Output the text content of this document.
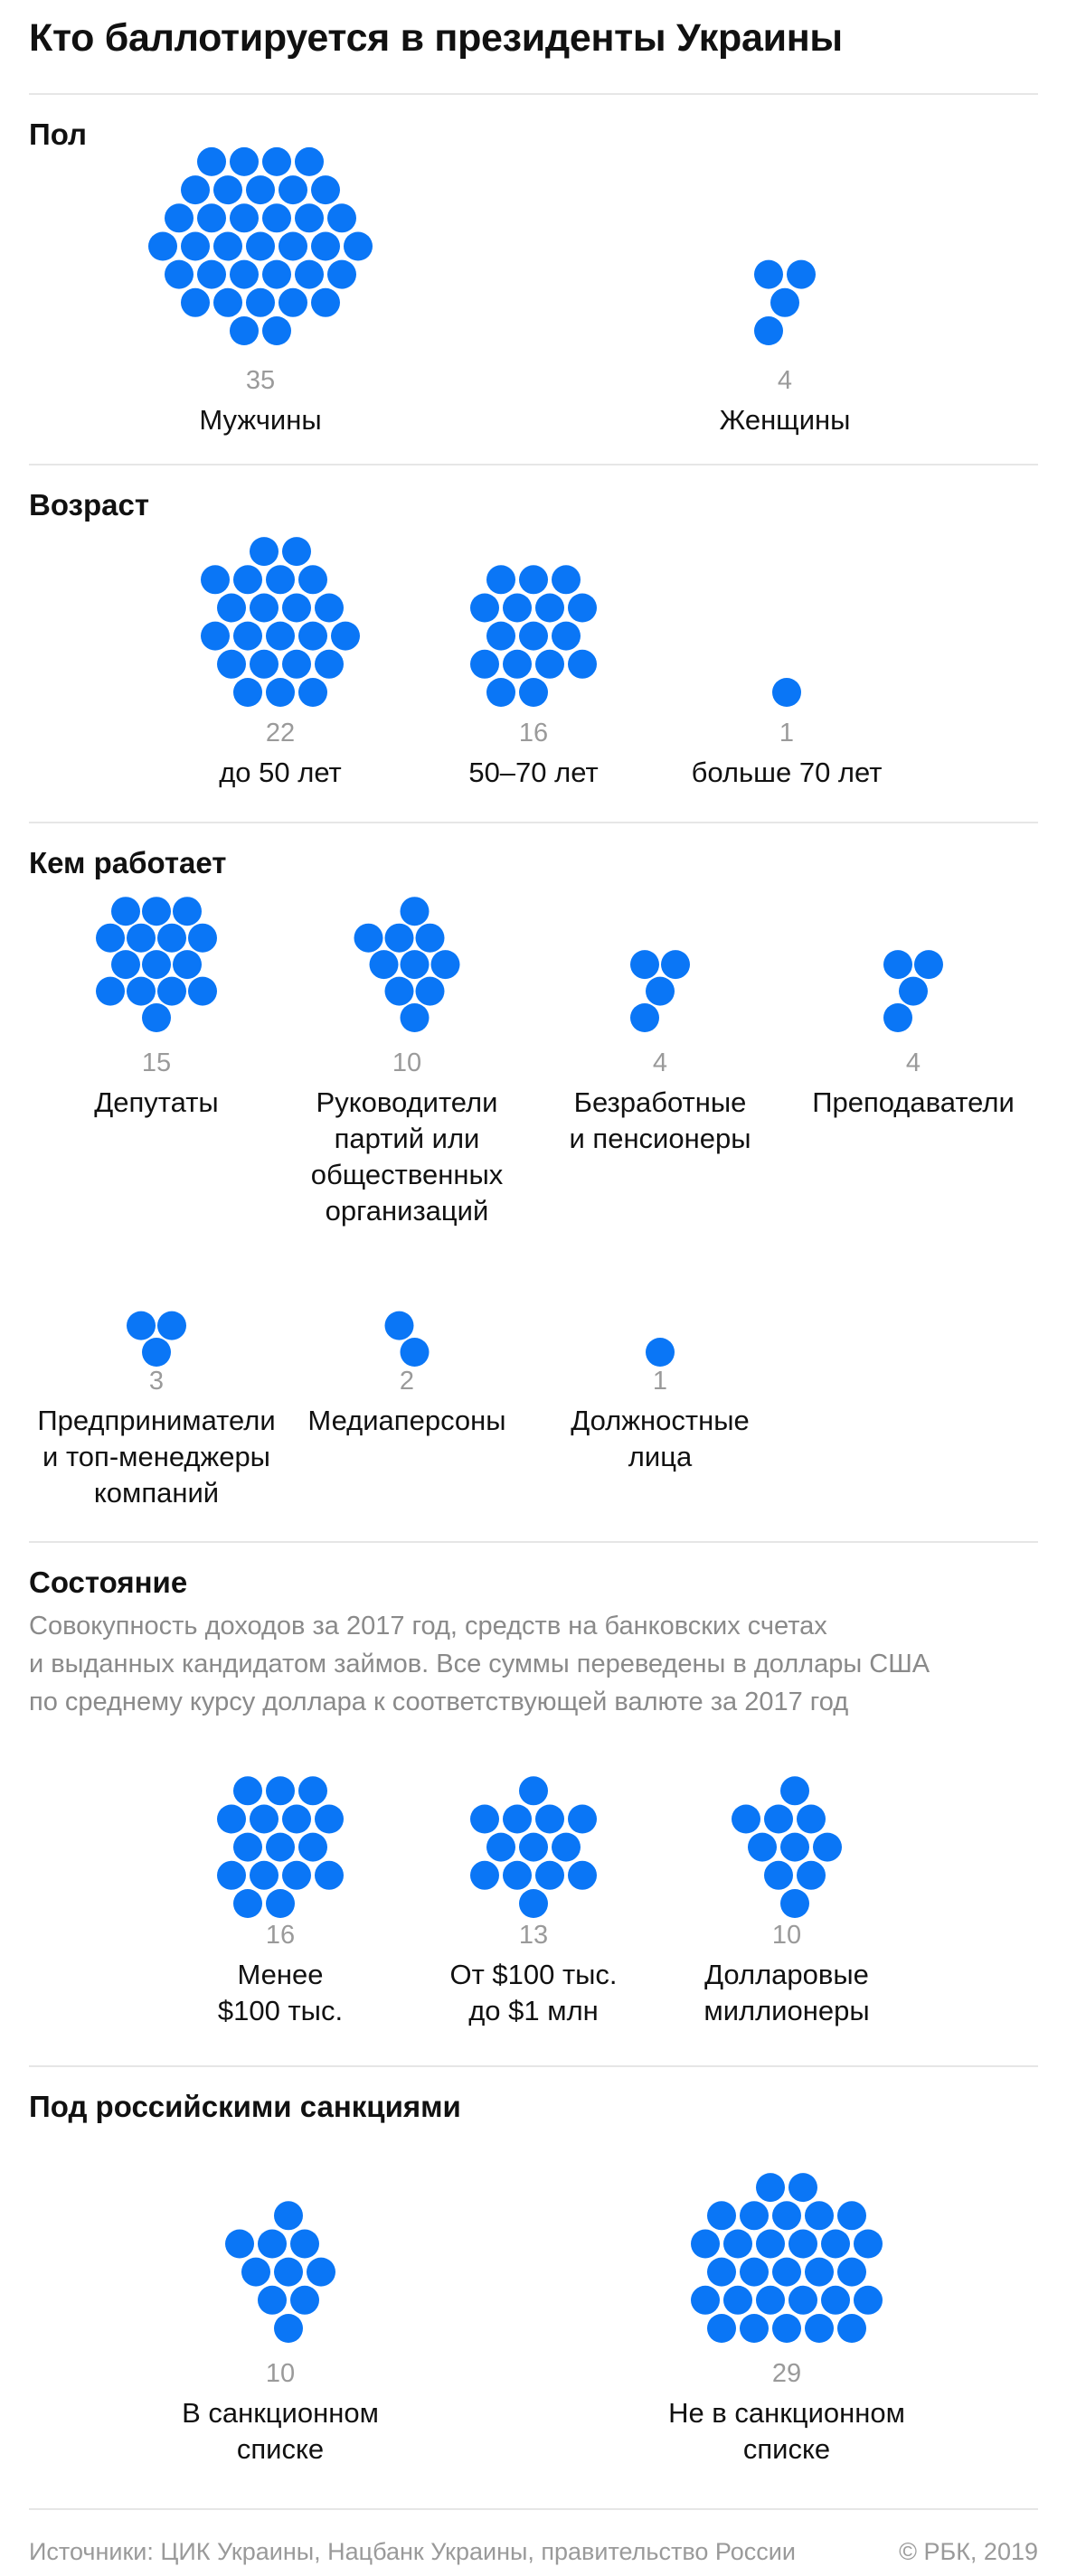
Кто баллотируется в президенты Украины
Пол
35
Мужчины
4
Женщины
Возраст
22
до 50 лет
16
50–70 лет
1
больше 70 лет
Кем работает
15
Депутаты
10
Руководители
партий или
общественных
организаций
4
Безработные
и пенсионеры
4
Преподаватели
3
Предприниматели
и топ-менеджеры
компаний
2
Медиаперсоны
1
Должностные
лица
Состояние
Совокупность доходов за 2017 год, средств на банковских счетах
и выданных кандидатом займов. Все суммы переведены в доллары США
по среднему курсу доллара к соответствующей валюте за 2017 год
16
Менее
$100 тыс.
13
От $100 тыс.
до $1 млн
10
Долларовые
миллионеры
Под российскими санкциями
10
В санкционном
списке
29
Не в санкционном
списке
Источники: ЦИК Украины, Нацбанк Украины, правительство России	© РБК, 2019
